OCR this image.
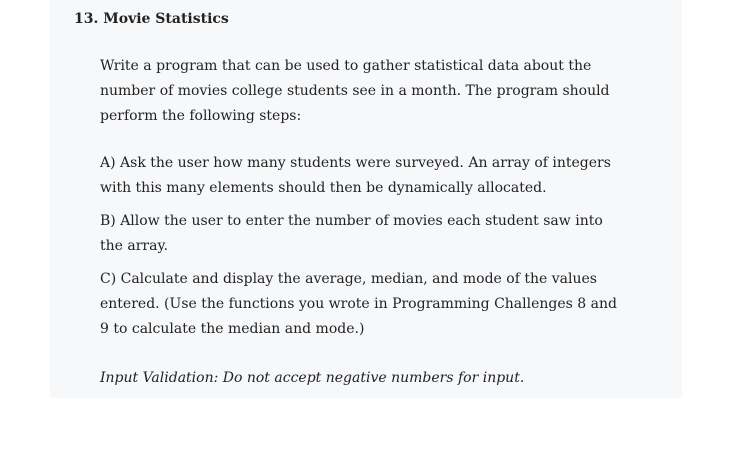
13. Movie Statistics

Write a program that can be used to gather statistical data about the number of movies college students see in a month. The program should perform the following steps:

A) Ask the user how many students were surveyed. An array of integers with this many elements should then be dynamically allocated.

B) Allow the user to enter the number of movies each student saw into the array.

C) Calculate and display the average, median, and mode of the values entered. (Use the functions you wrote in Programming Challenges 8 and 9 to calculate the median and mode.)

Input Validation: Do not accept negative numbers for input.
